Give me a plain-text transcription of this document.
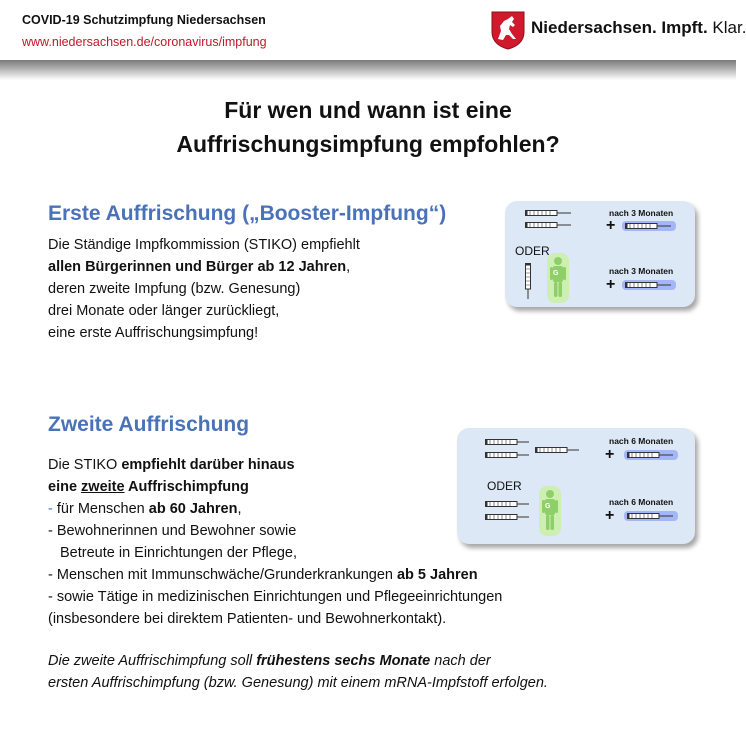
COVID-19 Schutzimpfung Niedersachsen
www.niedersachsen.de/coronavirus/impfung
Niedersachsen. Impft. Klar.
Für wen und wann ist eine
Auffrischungsimpfung empfohlen?
Erste Auffrischung („Booster-Impfung“)
Die Ständige Impfkommission (STIKO) empfiehlt
allen Bürgerinnen und Bürger ab 12 Jahren,
deren zweite Impfung (bzw. Genesung)
drei Monate oder länger zurückliegt,
eine erste Auffrischungsimpfung!
nach 3 Monaten
+
ODER
G	nach 3 Monaten
+
Zweite Auffrischung
Die STIKO empfiehlt darüber hinaus
eine zweite Auffrischimpfung
- für Menschen ab 60 Jahren,
- Bewohnerinnen und Bewohner sowie
Betreute in Einrichtungen der Pflege,
- Menschen mit Immunschwäche/Grunderkrankungen ab 5 Jahren
- sowie Tätige in medizinischen Einrichtungen und Pflegeeinrichtungen
(insbesondere bei direktem Patienten- und Bewohnerkontakt).
nach 6 Monaten
+
ODER
G	nach 6 Monaten
+
Die zweite Auffrischimpfung soll frühestens sechs Monate nach der
ersten Auffrischimpfung (bzw. Genesung) mit einem mRNA-Impfstoff erfolgen.
